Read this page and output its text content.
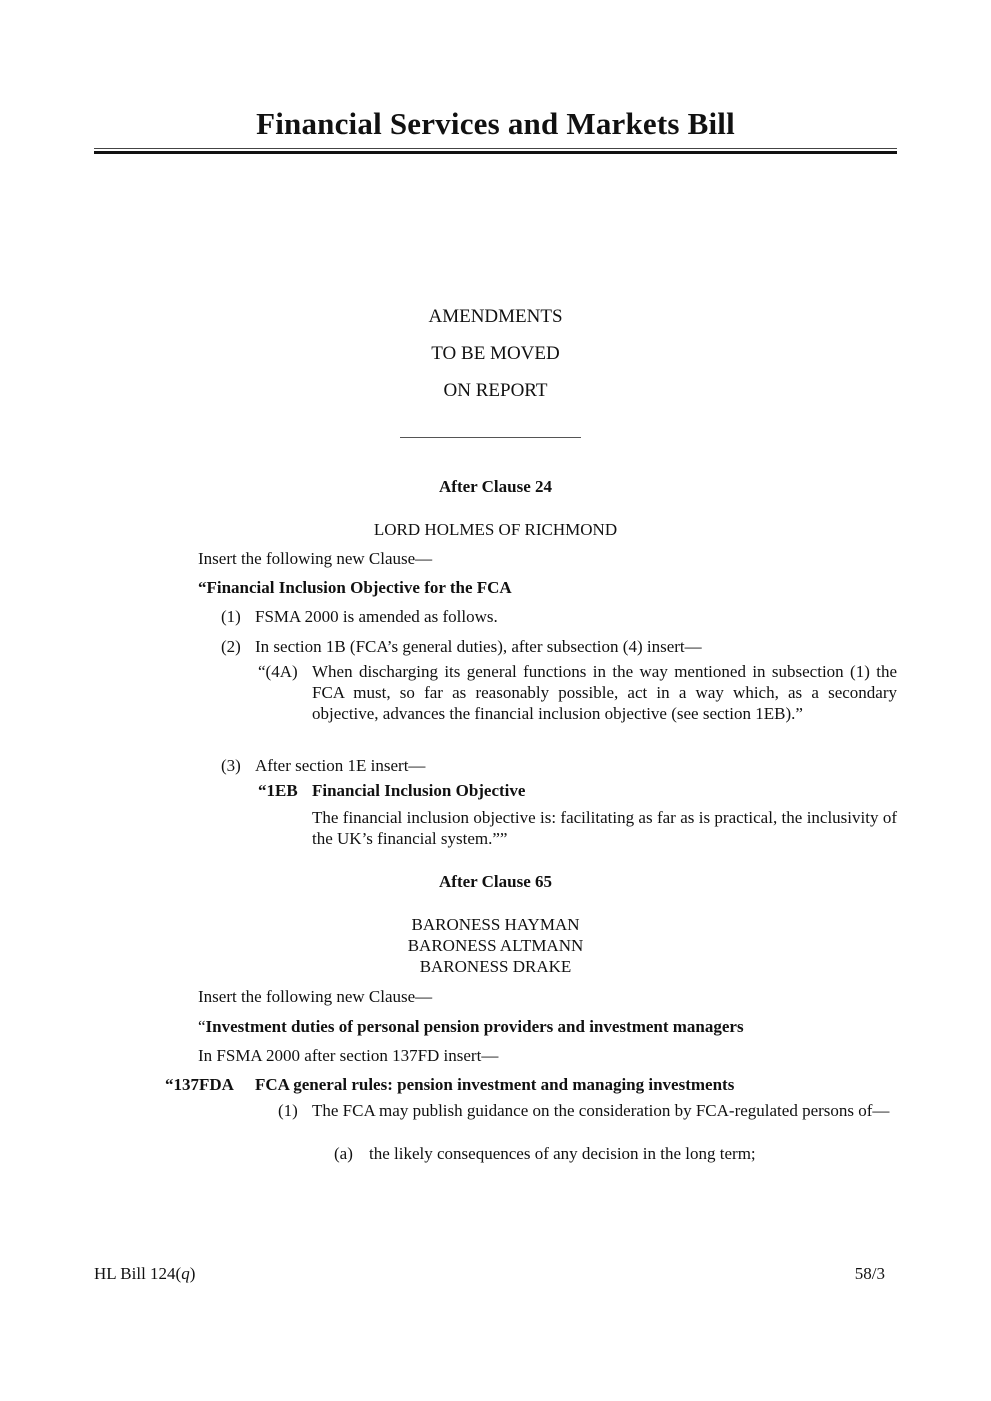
Financial Services and Markets Bill
AMENDMENTS
TO BE MOVED
ON REPORT
After Clause 24
LORD HOLMES OF RICHMOND
Insert the following new Clause—
“Financial Inclusion Objective for the FCA
(1) FSMA 2000 is amended as follows.
(2) In section 1B (FCA’s general duties), after subsection (4) insert—
“(4A) When discharging its general functions in the way mentioned in subsection (1) the FCA must, so far as reasonably possible, act in a way which, as a secondary objective, advances the financial inclusion objective (see section 1EB).”
(3) After section 1E insert—
“1EB Financial Inclusion Objective
The financial inclusion objective is: facilitating as far as is practical, the inclusivity of the UK’s financial system.””
After Clause 65
BARONESS HAYMAN
BARONESS ALTMANN
BARONESS DRAKE
Insert the following new Clause—
“Investment duties of personal pension providers and investment managers
In FSMA 2000 after section 137FD insert—
“137FDA FCA general rules: pension investment and managing investments
(1) The FCA may publish guidance on the consideration by FCA-regulated persons of—
(a) the likely consequences of any decision in the long term;
HL Bill 124(q)	58/3
